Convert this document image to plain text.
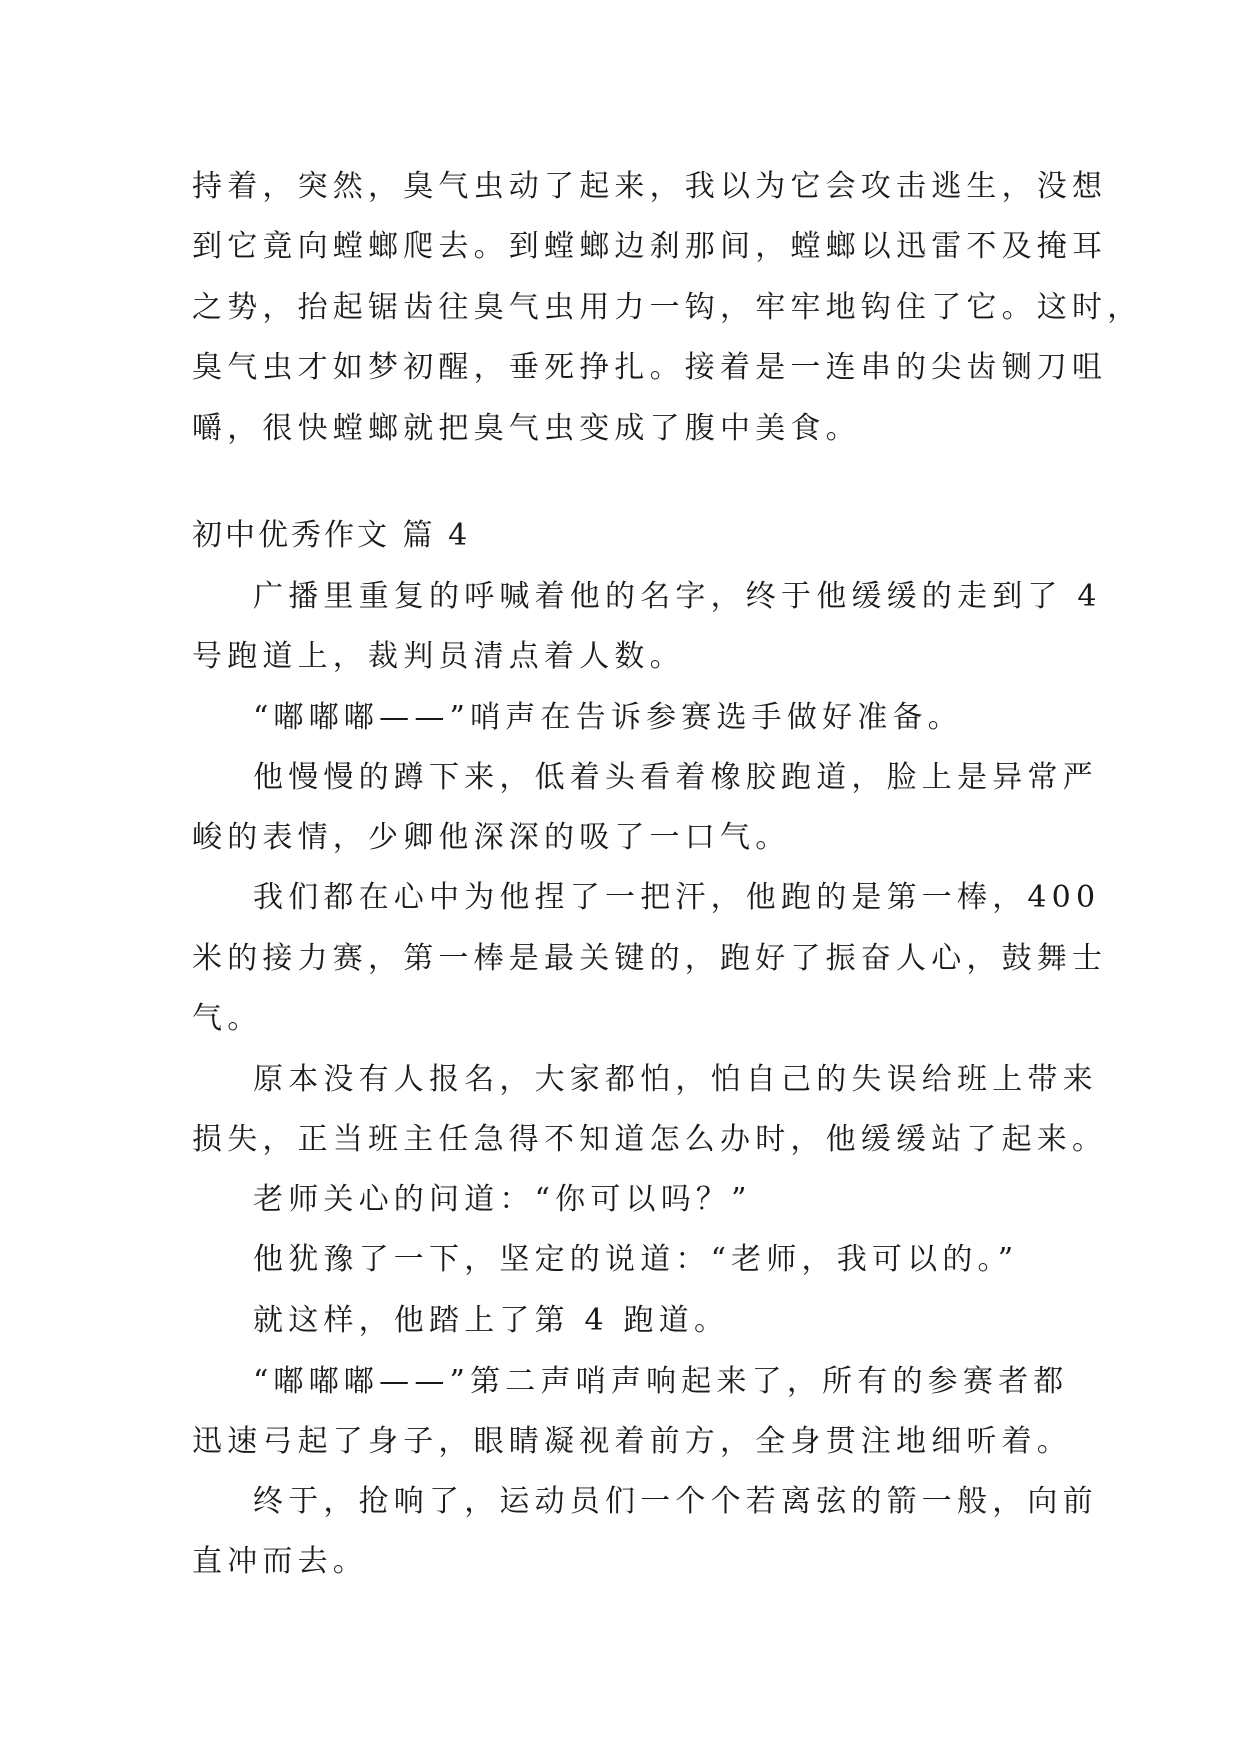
持着，突然，臭气虫动了起来，我以为它会攻击逃生，没想
到它竟向螳螂爬去。到螳螂边刹那间，螳螂以迅雷不及掩耳
之势，抬起锯齿往臭气虫用力一钩，牢牢地钩住了它。这时，
臭气虫才如梦初醒，垂死挣扎。接着是一连串的尖齿铡刀咀
嚼，很快螳螂就把臭气虫变成了腹中美食。
初中优秀作文 篇 4
广播里重复的呼喊着他的名字，终于他缓缓的走到了 4
号跑道上，裁判员清点着人数。
“嘟嘟嘟——”哨声在告诉参赛选手做好准备。
他慢慢的蹲下来，低着头看着橡胶跑道，脸上是异常严
峻的表情，少卿他深深的吸了一口气。
我们都在心中为他捏了一把汗，他跑的是第一棒，400
米的接力赛，第一棒是最关键的，跑好了振奋人心，鼓舞士
气。
原本没有人报名，大家都怕，怕自己的失误给班上带来
损失，正当班主任急得不知道怎么办时，他缓缓站了起来。
老师关心的问道：“你可以吗？”
他犹豫了一下，坚定的说道：“老师，我可以的。”
就这样，他踏上了第 4 跑道。
“嘟嘟嘟——”第二声哨声响起来了，所有的参赛者都
迅速弓起了身子，眼睛凝视着前方，全身贯注地细听着。
终于，抢响了，运动员们一个个若离弦的箭一般，向前
直冲而去。
